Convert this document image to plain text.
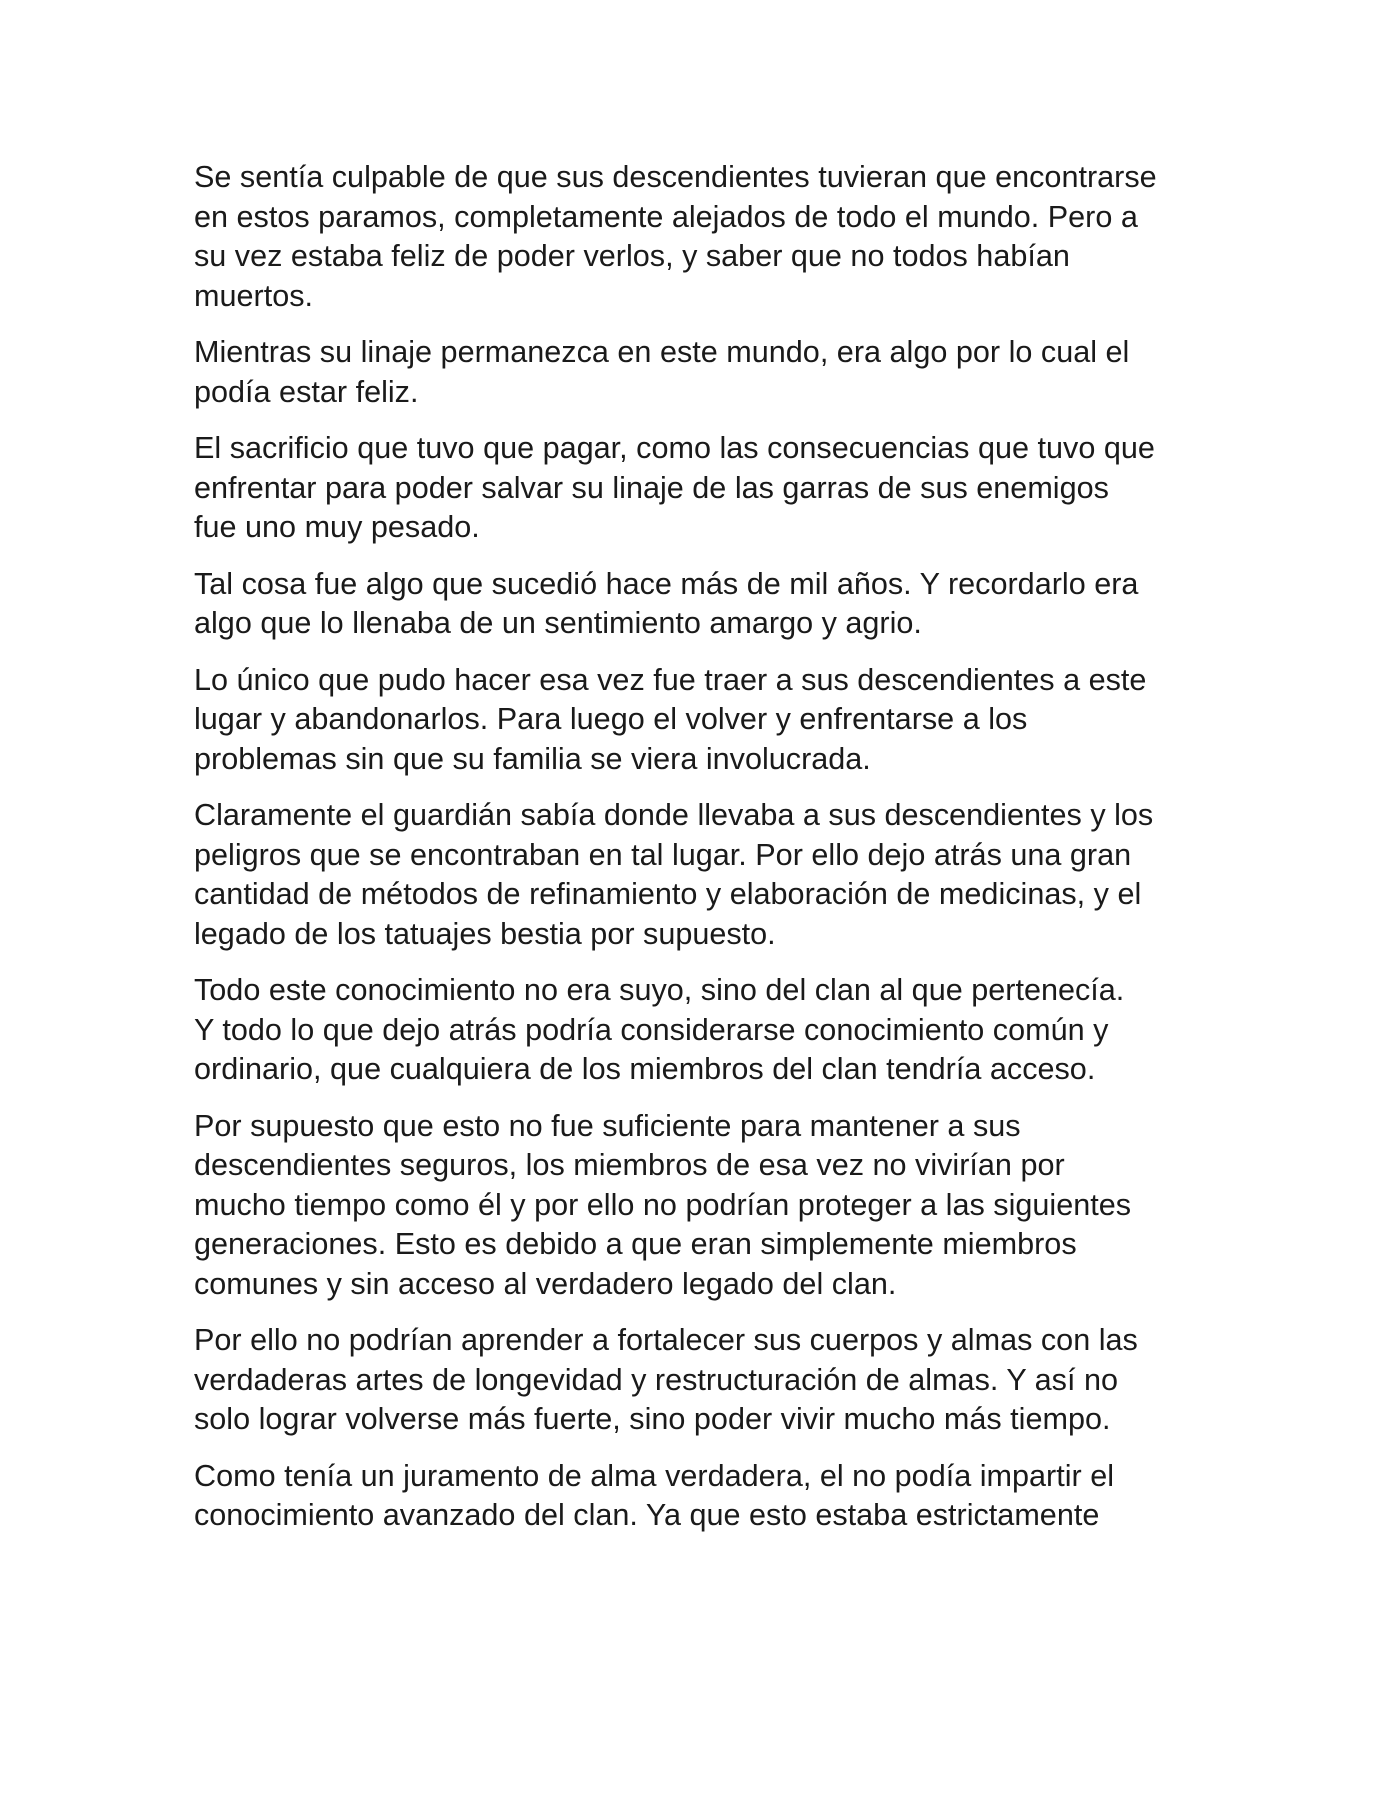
Se sentía culpable de que sus descendientes tuvieran que encontrarse
en estos paramos, completamente alejados de todo el mundo. Pero a
su vez estaba feliz de poder verlos, y saber que no todos habían
muertos.

Mientras su linaje permanezca en este mundo, era algo por lo cual el
podía estar feliz.

El sacrificio que tuvo que pagar, como las consecuencias que tuvo que
enfrentar para poder salvar su linaje de las garras de sus enemigos
fue uno muy pesado.

Tal cosa fue algo que sucedió hace más de mil años. Y recordarlo era
algo que lo llenaba de un sentimiento amargo y agrio.

Lo único que pudo hacer esa vez fue traer a sus descendientes a este
lugar y abandonarlos. Para luego el volver y enfrentarse a los
problemas sin que su familia se viera involucrada.

Claramente el guardián sabía donde llevaba a sus descendientes y los
peligros que se encontraban en tal lugar. Por ello dejo atrás una gran
cantidad de métodos de refinamiento y elaboración de medicinas, y el
legado de los tatuajes bestia por supuesto.

Todo este conocimiento no era suyo, sino del clan al que pertenecía.
Y todo lo que dejo atrás podría considerarse conocimiento común y
ordinario, que cualquiera de los miembros del clan tendría acceso.

Por supuesto que esto no fue suficiente para mantener a sus
descendientes seguros, los miembros de esa vez no vivirían por
mucho tiempo como él y por ello no podrían proteger a las siguientes
generaciones. Esto es debido a que eran simplemente miembros
comunes y sin acceso al verdadero legado del clan.

Por ello no podrían aprender a fortalecer sus cuerpos y almas con las
verdaderas artes de longevidad y restructuración de almas. Y así no
solo lograr volverse más fuerte, sino poder vivir mucho más tiempo.

Como tenía un juramento de alma verdadera, el no podía impartir el
conocimiento avanzado del clan. Ya que esto estaba estrictamente
